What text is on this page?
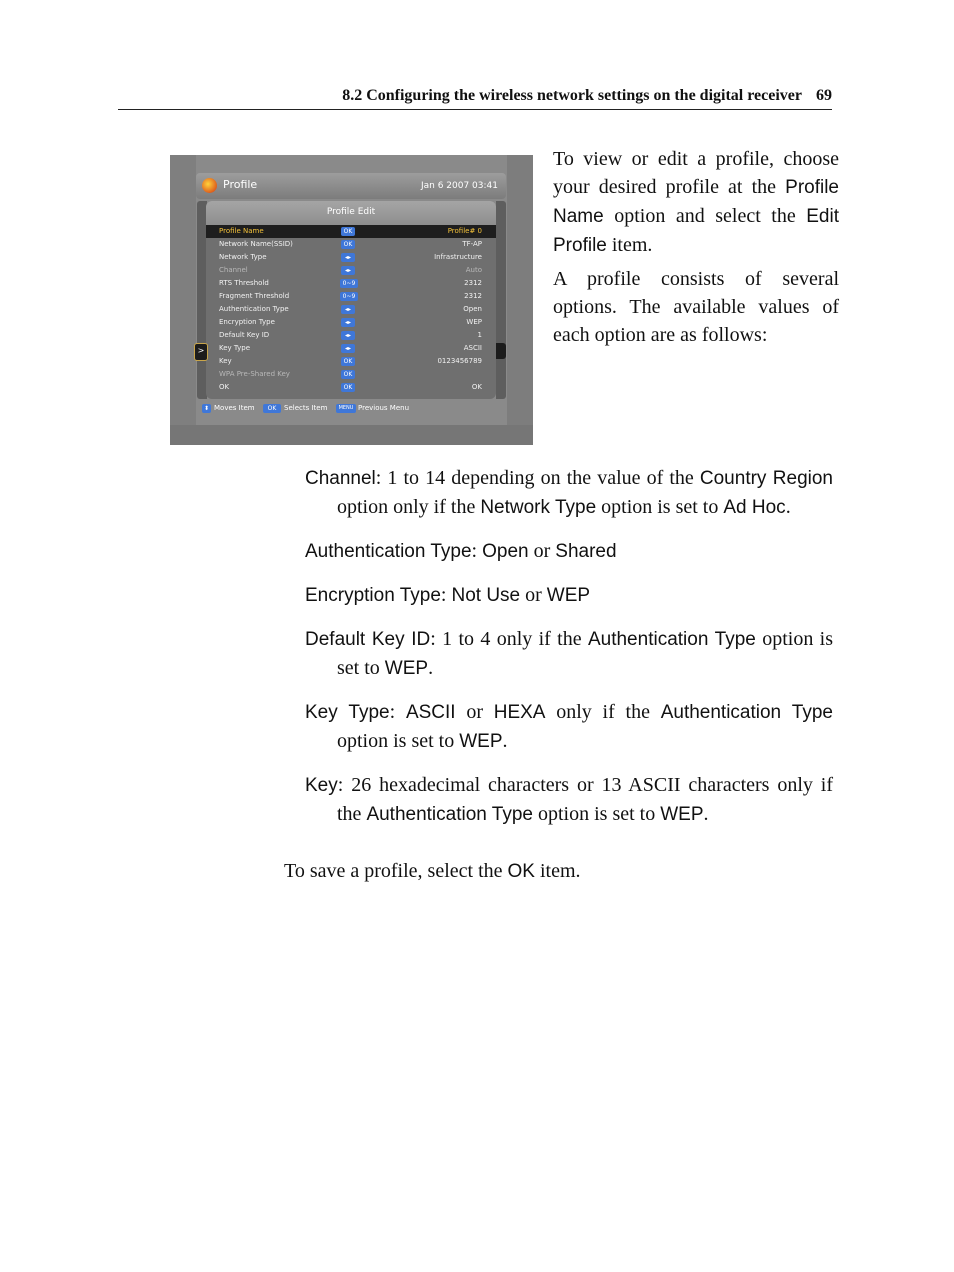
8.2 Configuring the wireless network settings on the digital receiver 69
Profile	Jan 6 2007 03:41
Profile Edit
>
Profile Name	OK	Profile# 0
Network Name(SSID)	OK	TF-AP
Network Type	◂▸	Infrastructure
Channel	◂▸	Auto
RTS Threshold	0~9	2312
Fragment Threshold	0~9	2312
Authentication Type	◂▸	Open
Encryption Type	◂▸	WEP
Default Key ID	◂▸	1
Key Type	◂▸	ASCII
Key	OK	0123456789
WPA Pre-Shared Key	OK
OK	OK	OK
⬍ Moves Item	OK	Selects Item	MENU Previous Menu
To view or edit a profile, choose your desired profile at the Profile Name option and select the Edit Profile item.
A profile consists of several options. The available values of each option are as follows:
Channel: 1 to 14 depending on the value of the Country Region option only if the Network Type option is set to Ad Hoc.
Authentication Type: Open or Shared
Encryption Type: Not Use or WEP
Default Key ID: 1 to 4 only if the Authentication Type option is set to WEP.
Key Type: ASCII or HEXA only if the Authentication Type option is set to WEP.
Key: 26 hexadecimal characters or 13 ASCII characters only if the Authentication Type option is set to WEP.
To save a profile, select the OK item.
